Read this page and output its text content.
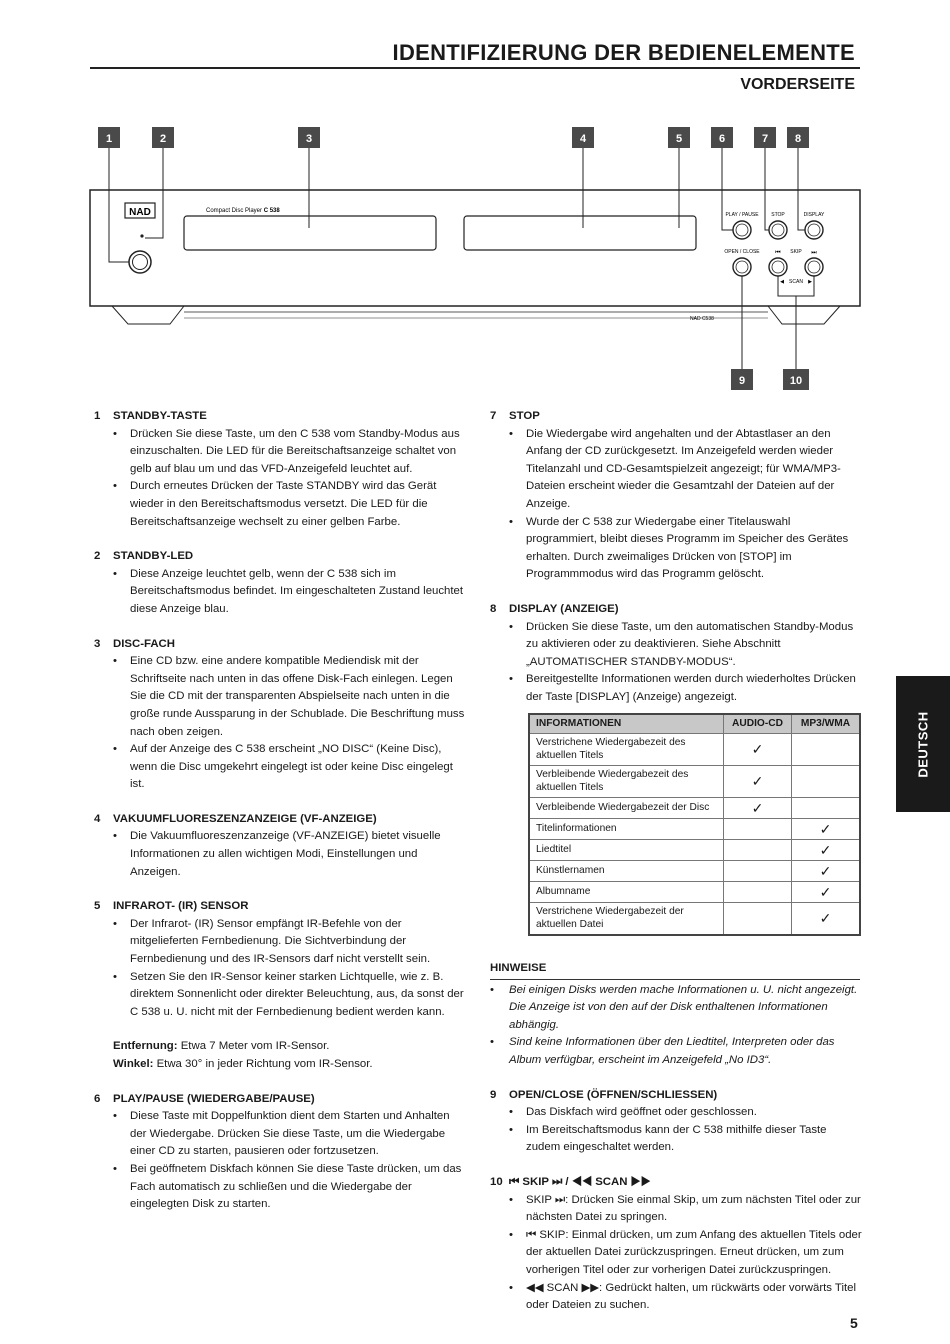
IDENTIFIZIERUNG DER BEDIENELEMENTE
VORDERSEITE
NAD C538
NAD	Compact Disc Player C 538
PLAY / PAUSE	STOP	DISPLAY
OPEN / CLOSE	⏮ SKIP ⏭
◀ SCAN ▶
1	2	3	4	5	6	7 8
9	10

1	STANDBY-TASTE

• Drücken Sie diese Taste, um den C 538 vom Standby-Modus aus einzuschalten. Die LED für die Bereitschaftsanzeige schaltet von gelb auf blau um und das VFD-Anzeigefeld leuchtet auf.
• Durch erneutes Drücken der Taste STANDBY wird das Gerät wieder in den Bereitschaftsmodus versetzt. Die LED für die Bereitschaftsanzeige wechselt zu einer gelben Farbe.

2	STANDBY-LED

• Diese Anzeige leuchtet gelb, wenn der C 538 sich im Bereitschaftsmodus befindet. Im eingeschalteten Zustand leuchtet diese Anzeige blau.

3	DISC-FACH

• Eine CD bzw. eine andere kompatible Mediendisk mit der Schriftseite nach unten in das offene Disk-Fach einlegen. Legen Sie die CD mit der transparenten Abspielseite nach unten in die große runde Aussparung in der Schublade. Die Beschriftung muss nach oben zeigen.
• Auf der Anzeige des C 538 erscheint „NO DISC“ (Keine Disc), wenn die Disc umgekehrt eingelegt ist oder keine Disc eingelegt ist.

4	VAKUUMFLUORESZENZANZEIGE (VF-ANZEIGE)

• Die Vakuumfluoreszenzanzeige (VF-ANZEIGE) bietet visuelle Informationen zu allen wichtigen Modi, Einstellungen und Anzeigen.

5	INFRAROT- (IR) SENSOR

• Der Infrarot- (IR) Sensor empfängt IR-Befehle von der mitgelieferten Fernbedienung. Die Sichtverbindung der Fernbedienung und des IR-Sensors darf nicht verstellt sein.
• Setzen Sie den IR-Sensor keiner starken Lichtquelle, wie z. B. direktem Sonnenlicht oder direkter Beleuchtung, aus, da sonst der C 538 u. U. nicht mit der Fernbedienung bedient werden kann.
Entfernung: Etwa 7 Meter vom IR-Sensor.
Winkel: Etwa 30° in jeder Richtung vom IR-Sensor.

6	PLAY/PAUSE (WIEDERGABE/PAUSE)

• Diese Taste mit Doppelfunktion dient dem Starten und Anhalten der Wiedergabe. Drücken Sie diese Taste, um die Wiedergabe einer CD zu starten, pausieren oder fortzusetzen.
• Bei geöffnetem Diskfach können Sie diese Taste drücken, um das Fach automatisch zu schließen und die Wiedergabe der eingelegten Disk zu starten.

7	STOP

• Die Wiedergabe wird angehalten und der Abtastlaser an den Anfang der CD zurückgesetzt. Im Anzeigefeld werden wieder Titelanzahl und CD-Gesamtspielzeit angezeigt; für WMA/MP3-Dateien erscheint wieder die Gesamtzahl der Dateien auf der Anzeige.
• Wurde der C 538 zur Wiedergabe einer Titelauswahl programmiert, bleibt dieses Programm im Speicher des Gerätes erhalten. Durch zweimaliges Drücken von [STOP] im Programmmodus wird das Programm gelöscht.

8	DISPLAY (ANZEIGE)

• Drücken Sie diese Taste, um den automatischen Standby-Modus zu aktivieren oder zu deaktivieren. Siehe Abschnitt „AUTOMATISCHER STANDBY-MODUS“.
• Bereitgestellte Informationen werden durch wiederholtes Drücken der Taste [DISPLAY] (Anzeige) angezeigt.
INFORMATIONEN	AUDIO-CD	MP3/WMA
Verstrichene Wiedergabezeit des aktuellen Titels	✓	
Verbleibende Wiedergabezeit des aktuellen Titels	✓	
Verbleibende Wiedergabezeit der Disc	✓	
Titelinformationen		✓
Liedtitel		✓
Künstlernamen		✓
Albumname		✓
Verstrichene Wiedergabezeit der aktuellen Datei		✓

HINWEISE

• Bei einigen Disks werden mache Informationen u. U. nicht angezeigt. Die Anzeige ist von den auf der Disk enthaltenen Informationen abhängig.
• Sind keine Informationen über den Liedtitel, Interpreten oder das Album verfügbar, erscheint im Anzeigefeld „No ID3“.

9	OPEN/CLOSE (ÖFFNEN/SCHLIESSEN)

• Das Diskfach wird geöffnet oder geschlossen.
• Im Bereitschaftsmodus kann der C 538 mithilfe dieser Taste zudem eingeschaltet werden.

10 ⏮ SKIP ⏭ / ◀◀ SCAN ▶▶

• SKIP ⏭: Drücken Sie einmal Skip, um zum nächsten Titel oder zur nächsten Datei zu springen.
• ⏮ SKIP: Einmal drücken, um zum Anfang des aktuellen Titels oder der aktuellen Datei zurückzuspringen. Erneut drücken, um zum vorherigen Titel oder zur vorherigen Datei zurückzuspringen.
• ◀◀ SCAN ▶▶: Gedrückt halten, um rückwärts oder vorwärts Titel oder Dateien zu suchen.
DEUTSCH
5
